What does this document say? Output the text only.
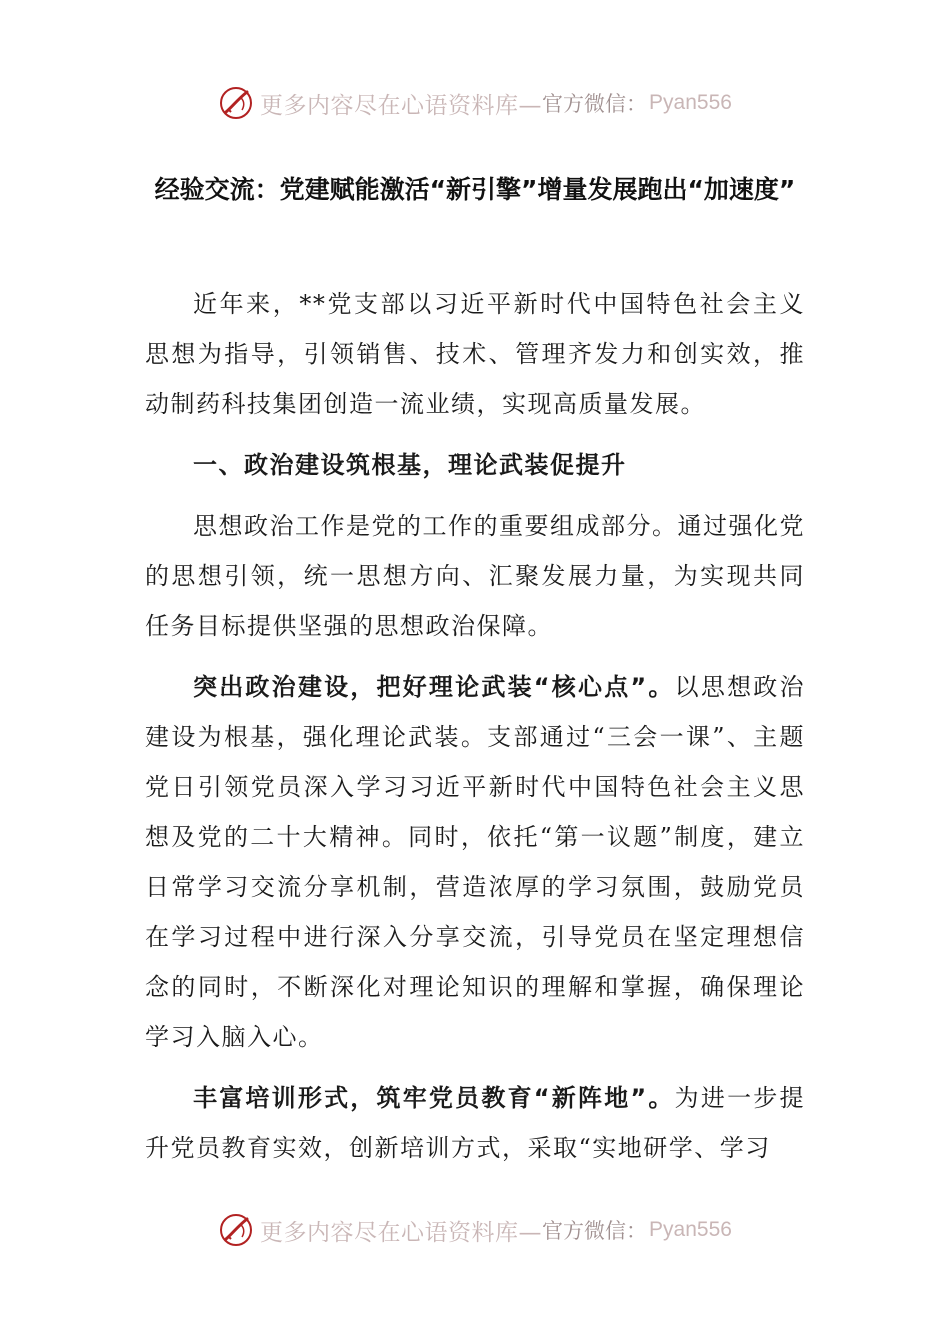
更多内容尽在心语资料库— 官方微信： Pyan556
经验交流：党建赋能激活“新引擎”增量发展跑出“加速度”

近年来，**党支部以习近平新时代中国特色社会主义思想为指导，引领销售、技术、管理齐发力和创实效，推动制药科技集团创造一流业绩，实现高质量发展。

一、政治建设筑根基，理论武装促提升

思想政治工作是党的工作的重要组成部分。通过强化党的思想引领，统一思想方向、汇聚发展力量，为实现共同任务目标提供坚强的思想政治保障。

突出政治建设，把好理论武装“核心点”。以思想政治建设为根基，强化理论武装。支部通过“三会一课”、主题党日引领党员深入学习习近平新时代中国特色社会主义思想及党的二十大精神。同时，依托“第一议题”制度，建立日常学习交流分享机制，营造浓厚的学习氛围，鼓励党员在学习过程中进行深入分享交流，引导党员在坚定理想信念的同时，不断深化对理论知识的理解和掌握，确保理论学习入脑入心。

丰富培训形式，筑牢党员教育“新阵地”。为进一步提升党员教育实效，创新培训方式，采取“实地研学、学习

更多内容尽在心语资料库— 官方微信： Pyan556
